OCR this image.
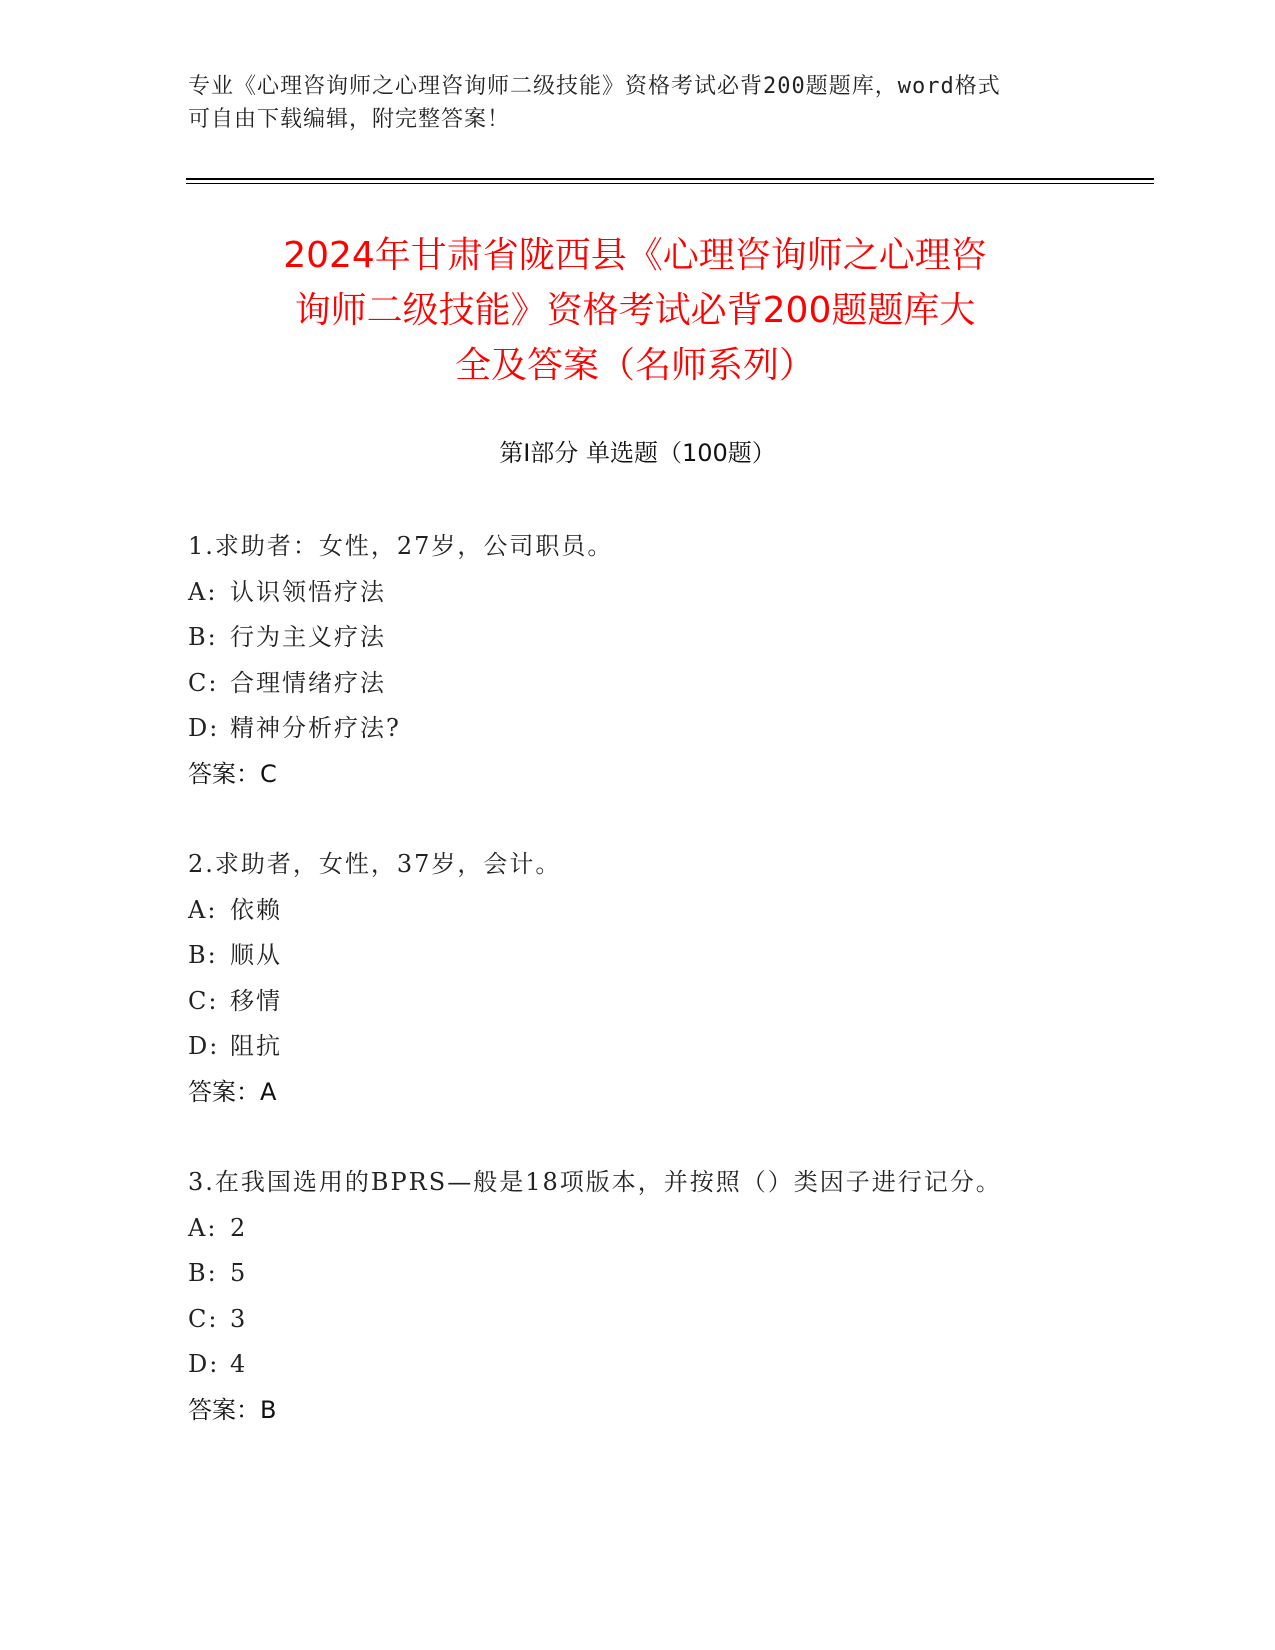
专业《心理咨询师之心理咨询师二级技能》资格考试必背200题题库，word格式
可自由下载编辑，附完整答案！
2024年甘肃省陇西县《心理咨询师之心理咨
询师二级技能》资格考试必背200题题库大
全及答案（名师系列）
第Ⅰ部分 单选题（100题）
1.求助者：女性，27岁，公司职员。
A: 认识领悟疗法
B: 行为主义疗法
C: 合理情绪疗法
D: 精神分析疗法?
答案：C
2.求助者，女性，37岁，会计。
A: 依赖
B: 顺从
C: 移情
D: 阻抗
答案：A
3.在我国选用的BPRS—般是18项版本，并按照（）类因子进行记分。
A: 2
B: 5
C: 3
D: 4
答案：B
